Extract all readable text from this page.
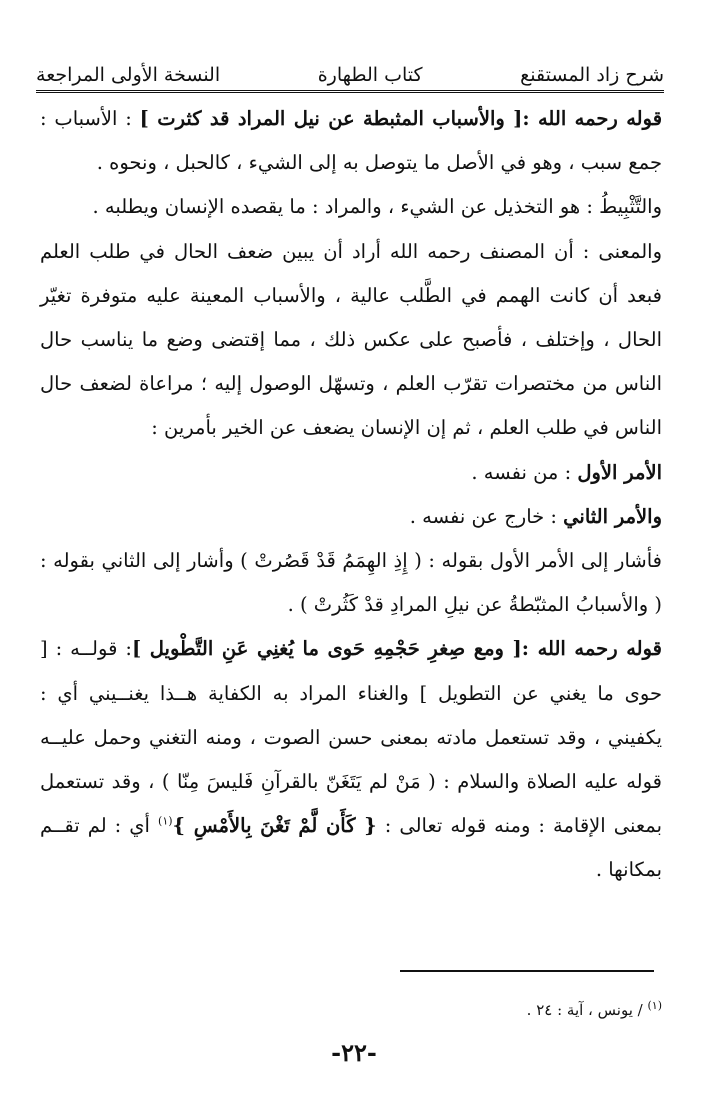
شرح زاد المستقنع
كتاب الطهارة
النسخة الأولى المراجعة

قوله رحمه الله :[ والأسباب المثبطة عن نيل المراد قد كثرت ] : الأسباب : جمع سبب ، وهو في الأصل ما يتوصل به إلى الشيء ، كالحبل ، ونحوه .

والتَّثْبِيطُ : هو التخذيل عن الشيء ، والمراد : ما يقصده الإنسان ويطلبه .

والمعنى : أن المصنف رحمه الله أراد أن يبين ضعف الحال في طلب العلم فبعد أن كانت الهمم في الطَّلب عالية ، والأسباب المعينة عليه متوفرة تغيّر الحال ، وإختلف ، فأصبح على عكس ذلك ، مما إقتضى وضع ما يناسب حال الناس من مختصرات تقرّب العلم ، وتسهّل الوصول إليه ؛ مراعاة لضعف حال الناس في طلب العلم ، ثم إن الإنسان يضعف عن الخير بأمرين :

الأمر الأول : من نفسه .

والأمر الثاني : خارج عن نفسه .

فأشار إلى الأمر الأول بقوله : ( إِذِ الهِمَمُ قَدْ قَصُرتْ ) وأشار إلى الثاني بقوله : ( والأسبابُ المثبّطةُ عن نيلِ المرادِ قدْ كَثُرتْ ) .

قوله رحمه الله :[ ومع صِغرِ حَجْمِهِ حَوى ما يُغنِي عَنِ التَّطْويل ]: قولــه : [ حوى ما يغني عن التطويل ] والغناء المراد به الكفاية هــذا يغنــيني أي : يكفيني ، وقد تستعمل مادته بمعنى حسن الصوت ، ومنه التغني وحمل عليــه قوله عليه الصلاة والسلام : ( مَنْ لم يَتَغَنّ بالقرآنِ فَليسَ مِنّا ) ، وقد تستعمل بمعنى الإقامة : ومنه قوله تعالى : { كَأَن لَّمْ تَغْنَ بِالأَمْسِ }$^{(١)}$ أي : لم تقــم بمكانها .

$^{(١)}$ / يونس ، آية : ٢٤ .
-٢٢-
